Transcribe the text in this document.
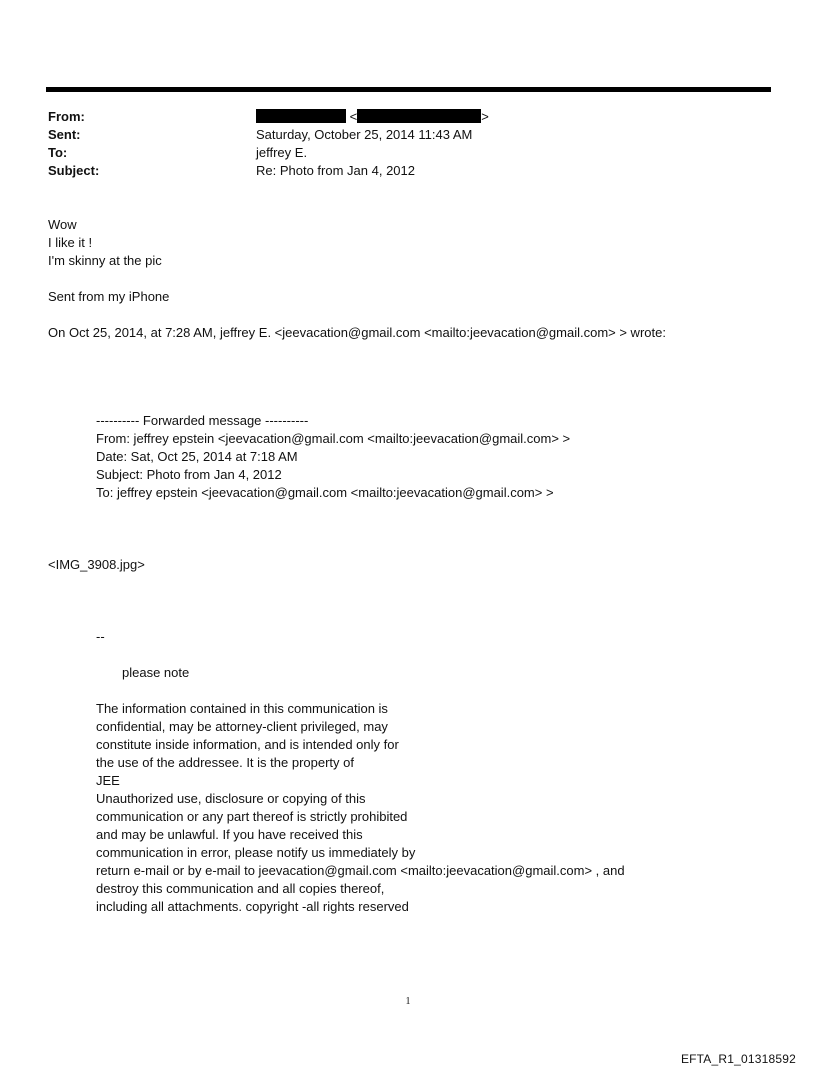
From:	<	>
Sent:	Saturday, October 25, 2014 11:43 AM
To:	jeffrey E.
Subject:	Re: Photo from Jan 4, 2012
Wow
I like it !
I'm skinny at the pic
Sent from my iPhone
On Oct 25, 2014, at 7:28 AM, jeffrey E. <jeevacation@gmail.com <mailto:jeevacation@gmail.com> > wrote:
---------- Forwarded message ----------
From: jeffrey epstein <jeevacation@gmail.com <mailto:jeevacation@gmail.com> >
Date: Sat, Oct 25, 2014 at 7:18 AM
Subject: Photo from Jan 4, 2012
To: jeffrey epstein <jeevacation@gmail.com <mailto:jeevacation@gmail.com> >
<IMG_3908.jpg>
--
please note
The information contained in this communication is
confidential, may be attorney-client privileged, may
constitute inside information, and is intended only for
the use of the addressee. It is the property of
JEE
Unauthorized use, disclosure or copying of this
communication or any part thereof is strictly prohibited
and may be unlawful. If you have received this
communication in error, please notify us immediately by
return e-mail or by e-mail to jeevacation@gmail.com <mailto:jeevacation@gmail.com> , and
destroy this communication and all copies thereof,
including all attachments. copyright -all rights reserved
1
EFTA_R1_01318592
